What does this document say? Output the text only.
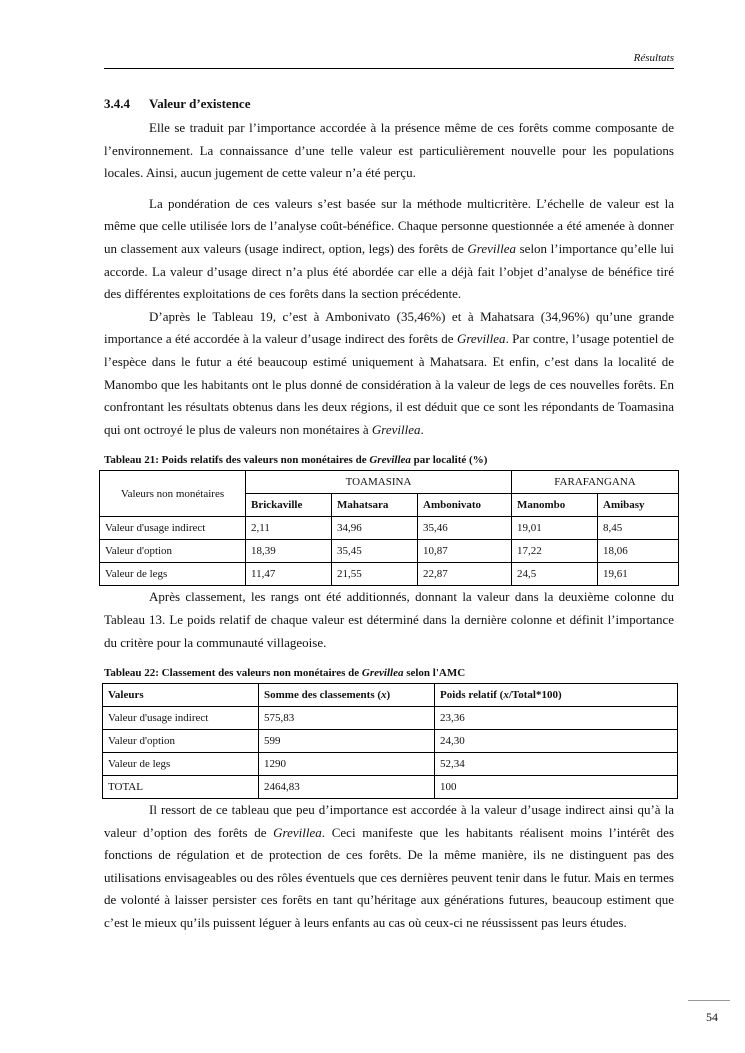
Résultats
3.4.4 Valeur d’existence

Elle se traduit par l’importance accordée à la présence même de ces forêts comme composante de l’environnement. La connaissance d’une telle valeur est particulièrement nouvelle pour les populations locales. Ainsi, aucun jugement de cette valeur n’a été perçu.

La pondération de ces valeurs s’est basée sur la méthode multicritère. L’échelle de valeur est la même que celle utilisée lors de l’analyse coût-bénéfice. Chaque personne questionnée a été amenée à donner un classement aux valeurs (usage indirect, option, legs) des forêts de Grevillea selon l’importance qu’elle lui accorde. La valeur d’usage direct n’a plus été abordée car elle a déjà fait l’objet d’analyse de bénéfice tiré des différentes exploitations de ces forêts dans la section précédente.

D’après le Tableau 19, c’est à Ambonivato (35,46%) et à Mahatsara (34,96%) qu’une grande importance a été accordée à la valeur d’usage indirect des forêts de Grevillea. Par contre, l’usage potentiel de l’espèce dans le futur a été beaucoup estimé uniquement à Mahatsara. Et enfin, c’est dans la localité de Manombo que les habitants ont le plus donné de considération à la valeur de legs de ces nouvelles forêts. En confrontant les résultats obtenus dans les deux régions, il est déduit que ce sont les répondants de Toamasina qui ont octroyé le plus de valeurs non monétaires à Grevillea.

Tableau 21: Poids relatifs des valeurs non monétaires de Grevillea par localité (%)
Valeurs non monétaires	TOAMASINA			FARAFANGANA	
	Brickaville	Mahatsara	Ambonivato	Manombo	Amibasy
Valeur d'usage indirect	2,11	34,96	35,46	19,01	8,45
Valeur d'option	18,39	35,45	10,87	17,22	18,06
Valeur de legs	11,47	21,55	22,87	24,5	19,61

Après classement, les rangs ont été additionnés, donnant la valeur dans la deuxième colonne du Tableau 13. Le poids relatif de chaque valeur est déterminé dans la dernière colonne et définit l’importance du critère pour la communauté villageoise.

Tableau 22: Classement des valeurs non monétaires de Grevillea selon l'AMC
Valeurs	Somme des classements (x)	Poids relatif (x/Total*100)
Valeur d'usage indirect	575,83	23,36
Valeur d'option	599	24,30
Valeur de legs	1290	52,34
TOTAL	2464,83	100

Il ressort de ce tableau que peu d’importance est accordée à la valeur d’usage indirect ainsi qu’à la valeur d’option des forêts de Grevillea. Ceci manifeste que les habitants réalisent moins l’intérêt des fonctions de régulation et de protection de ces forêts. De la même manière, ils ne distinguent pas des utilisations envisageables ou des rôles éventuels que ces dernières peuvent tenir dans le futur. Mais en termes de volonté à laisser persister ces forêts en tant qu’héritage aux générations futures, beaucoup estiment que c’est le mieux qu’ils puissent léguer à leurs enfants au cas où ceux-ci ne réussissent pas leurs études.

54
